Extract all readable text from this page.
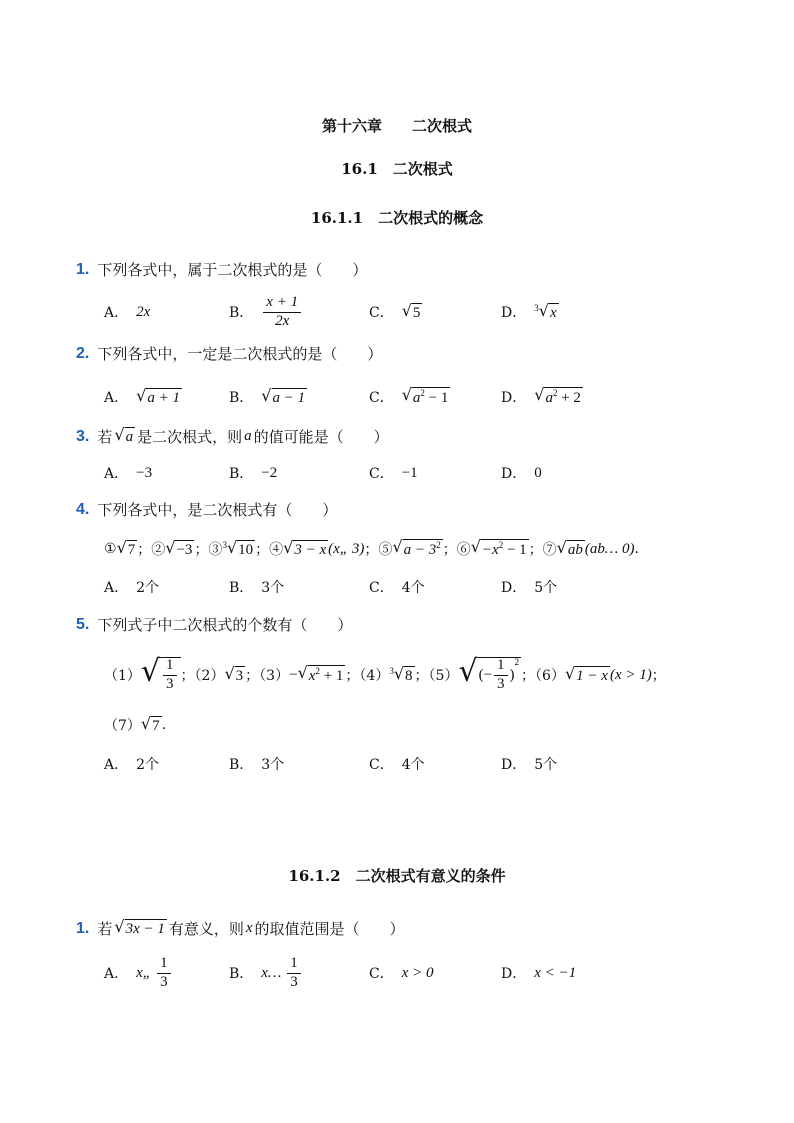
第十六章　　二次根式
16.1　二次根式
16.1.1　二次根式的概念
1. 下列各式中，属于二次根式的是（　　）
A． 2x	B． $\frac{x + 1}{2x}$	C． √ 5	D． 3 √ x
2. 下列各式中，一定是二次根式的是（　　）
A． √ a + 1	B． √ a − 1	C． √ $a^2 - 1$	D． √ $a^2 + 2$
3. 若 √ a 是二次根式，则 a 的值可能是（　　）
A． −3	B． −2	C． −1	D． 0
4. 下列各式中，是二次根式有（　　）
① √ 7 ；② √ −3 ；③ 3 √ 10 ；④ √ 3 − x (x„ 3) ；⑤ √ $a - 3^2$ ；⑥ √ $-x^2 - 1$ ；⑦ √ ab (ab… 0) .
A． 2个	B． 3个	C． 4个	D． 5个
5. 下列式子中二次根式的个数有（　　）
（1） √ $\frac{1}{3}$ ；（2） √ 3 ；（3） − √ $x^2 + 1$ ；（4） 3 √ 8 ；（5） √ (− $\frac{1}{3}$ )
$^2$
；（6） √ 1 − x (x > 1) ；
（7） √ 7 .
A． 2个	B． 3个	C． 4个	D． 5个
16.1.2　二次根式有意义的条件
1. 若 √ 3x − 1 有意义，则 x 的取值范围是（　　）
A． x„ $\frac{1}{3}$	B． x… $\frac{1}{3}$	C． x > 0	D． x < −1
